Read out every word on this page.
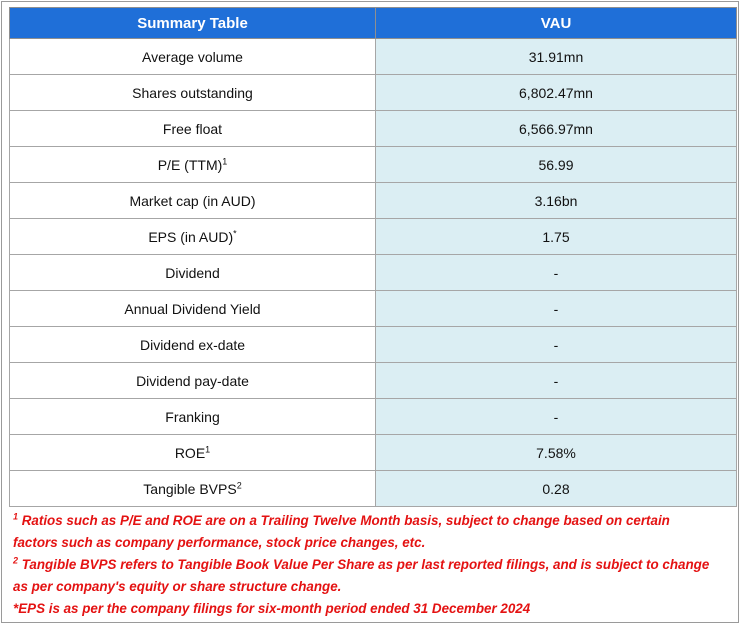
Summary Table	VAU
Average volume	31.91mn
Shares outstanding	6,802.47mn
Free float	6,566.97mn
P/E (TTM)$^1$	56.99
Market cap (in AUD)	3.16bn
EPS (in AUD)*	1.75
Dividend	-
Annual Dividend Yield	-
Dividend ex-date	-
Dividend pay-date	-
Franking	-
ROE$^1$	7.58%
Tangible BVPS$^2$	0.28
$^1$ Ratios such as P/E and ROE are on a Trailing Twelve Month basis, subject to change based on certain
factors such as company performance, stock price changes, etc.
$^2$ Tangible BVPS refers to Tangible Book Value Per Share as per last reported filings, and is subject to change
as per company's equity or share structure change.
*EPS is as per the company filings for six-month period ended 31 December 2024
